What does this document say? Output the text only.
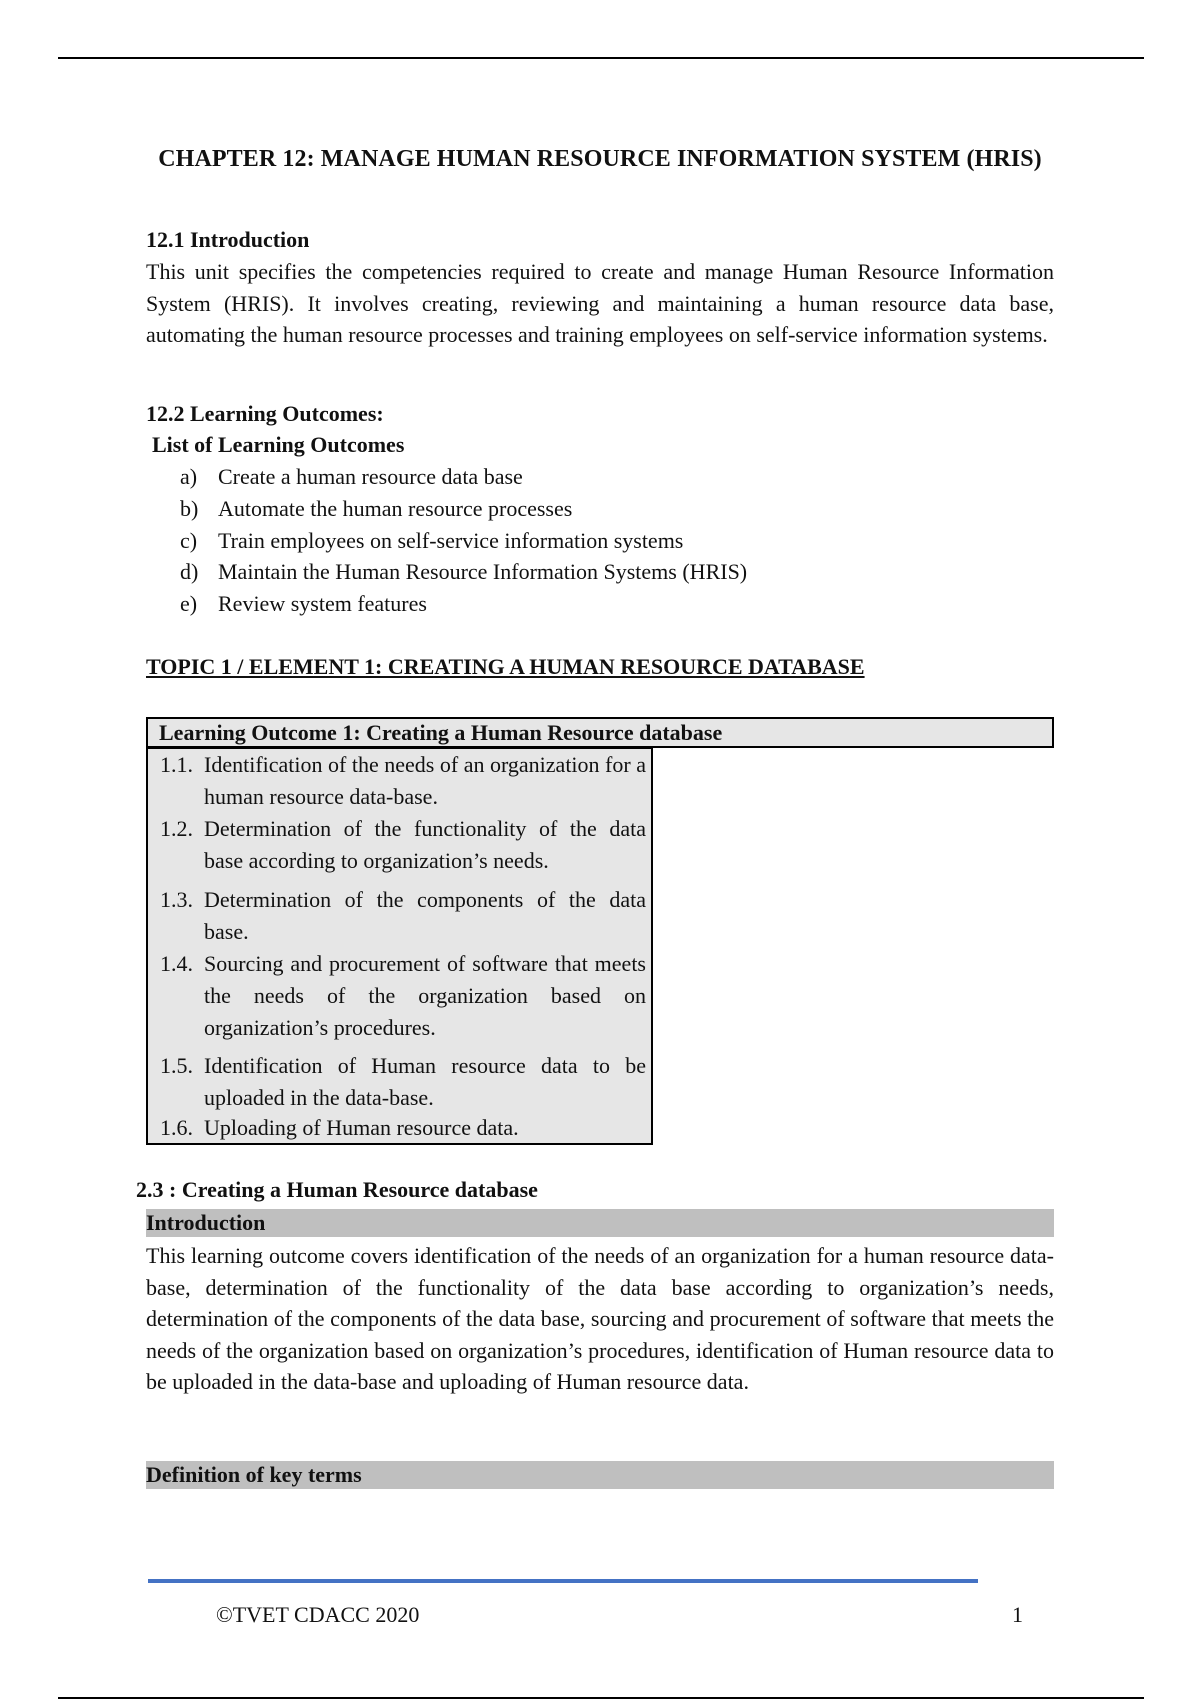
CHAPTER 12: MANAGE HUMAN RESOURCE INFORMATION SYSTEM (HRIS)
12.1 Introduction
This unit specifies the competencies required to create and manage Human Resource Information System (HRIS). It involves creating, reviewing and maintaining a human resource data base, automating the human resource processes and training employees on self-service information systems.
12.2 Learning Outcomes:
List of Learning Outcomes
a) Create a human resource data base
b) Automate the human resource processes
c) Train employees on self-service information systems
d) Maintain the Human Resource Information Systems (HRIS)
e) Review system features
TOPIC 1 / ELEMENT 1: CREATING A HUMAN RESOURCE DATABASE
Learning Outcome 1: Creating a Human Resource database
1.1. Identification of the needs of an organization for a human resource data-base.
1.2. Determination of the functionality of the data base according to organization’s needs.
1.3. Determination of the components of the data base.
1.4. Sourcing and procurement of software that meets the needs of the organization based on organization’s procedures.
1.5. Identification of Human resource data to be uploaded in the data-base.
1.6. Uploading of Human resource data.
2.3 : Creating a Human Resource database
Introduction
This learning outcome covers identification of the needs of an organization for a human resource data-base, determination of the functionality of the data base according to organization’s needs, determination of the components of the data base, sourcing and procurement of software that meets the needs of the organization based on organization’s procedures, identification of Human resource data to be uploaded in the data-base and uploading of Human resource data.
Definition of key terms
©TVET CDACC 2020	1
